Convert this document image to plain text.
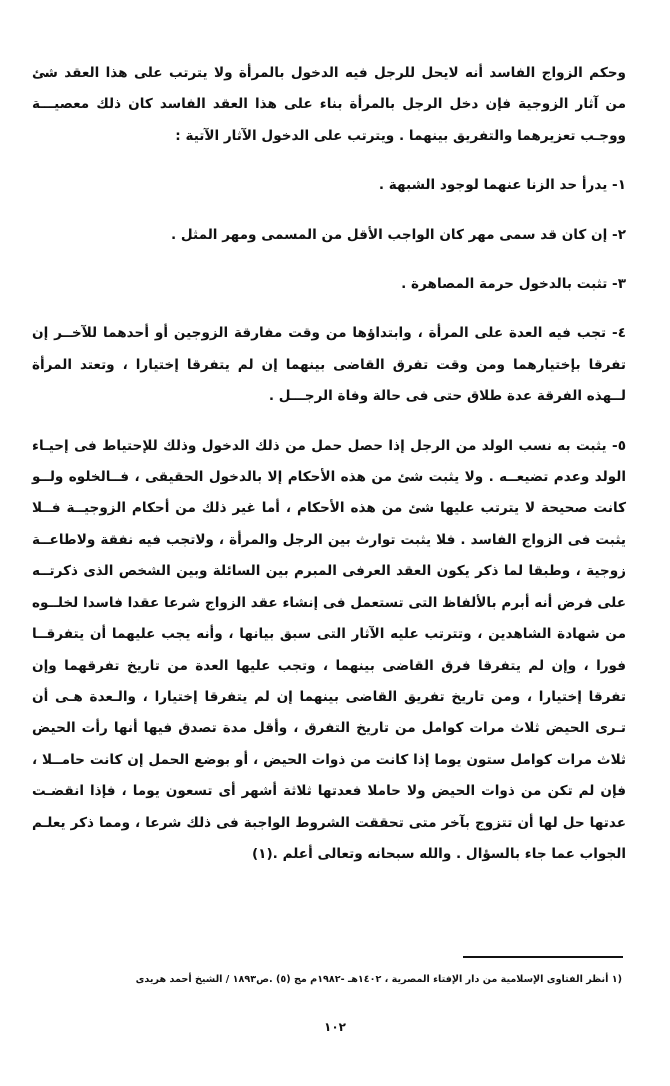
وحكم الزواج الفاسد أنه لايحل للرجل فيه الدخول بالمرأة ولا يترتب على هذا العقد شئ من آثار الزوجية فإن دخل الرجل بالمرأة بناء على هذا العقد الفاسد كان ذلك معصيـــة ووجـب تعزيرهما والتفريق بينهما . ويترتب على الدخول الآثار الآتية :

١- يدرأ حد الزنا عنهما لوجود الشبهة .

٢- إن كان قد سمى مهر كان الواجب الأقل من المسمى ومهر المثل .

٣- تثبت بالدخول حرمة المصاهرة .

٤- تجب فيه العدة على المرأة ، وابتداؤها من وقت مفارقة الزوجين أو أحدهما للآخــر إن تفرقا بإختيارهما ومن وقت تفرق القاضى بينهما إن لم يتفرقا إختيارا ، وتعتد المرأة لــهذه الفرقة عدة طلاق حتى فى حالة وفاة الرجـــل .

٥- يثبت به نسب الولد من الرجل إذا حصل حمل من ذلك الدخول وذلك للإحتياط فى إحيـاء الولد وعدم تضيعــه . ولا يثبت شئ من هذه الأحكام إلا بالدخول الحقيقى ، فــالخلوه ولــو كانت صحيحة لا يترتب عليها شئ من هذه الأحكام ، أما غير ذلك من أحكام الزوجيــة فــلا يثبت فى الزواج الفاسد . فلا يثبت توارث بين الرجل والمرأة ، ولاتجب فيه نفقة ولاطاعــة زوجية ، وطبقا لما ذكر يكون العقد العرفى المبرم بين السائلة وبين الشخص الذى ذكرتــه على فرض أنه أبرم بالألفاظ التى تستعمل فى إنشاء عقد الزواج شرعا عقدا فاسدا لخلــوه من شهادة الشاهدين ، وتترتب عليه الآثار التى سبق بيانها ، وأنه يجب عليهما أن يتفرقــا فورا ، وإن لم يتفرقا فرق القاضى بينهما ، وتجب عليها العدة من تاريخ تفرقهما وإن تفرقا إختيارا ، ومن تاريخ تفريق القاضى بينهما إن لم يتفرقا إختيارا ، والـعدة هـى أن تـرى الحيض ثلاث مرات كوامل من تاريخ التفرق ، وأقل مدة تصدق فيها أنها رأت الحيض ثلاث مرات كوامل ستون يوما إذا كانت من ذوات الحيض ، أو بوضع الحمل إن كانت حامــلا ، فإن لم تكن من ذوات الحيض ولا حاملا فعدتها ثلاثة أشهر أى تسعون يوما ، فإذا انقضـت عدتها حل لها أن تتزوج بآخر متى تحققت الشروط الواجبة فى ذلك شرعا ، ومما ذكر يعلـم الجواب عما جاء بالسؤال . والله سبحانه وتعالى أعلم .(١)

(١ أنظر الفتاوى الإسلامية من دار الإفتاء المصرية ، ١٤٠٢هـ -١٩٨٢م مج (٥) .ص١٨٩٣ / الشيخ أحمد هريدى
١٠٢
